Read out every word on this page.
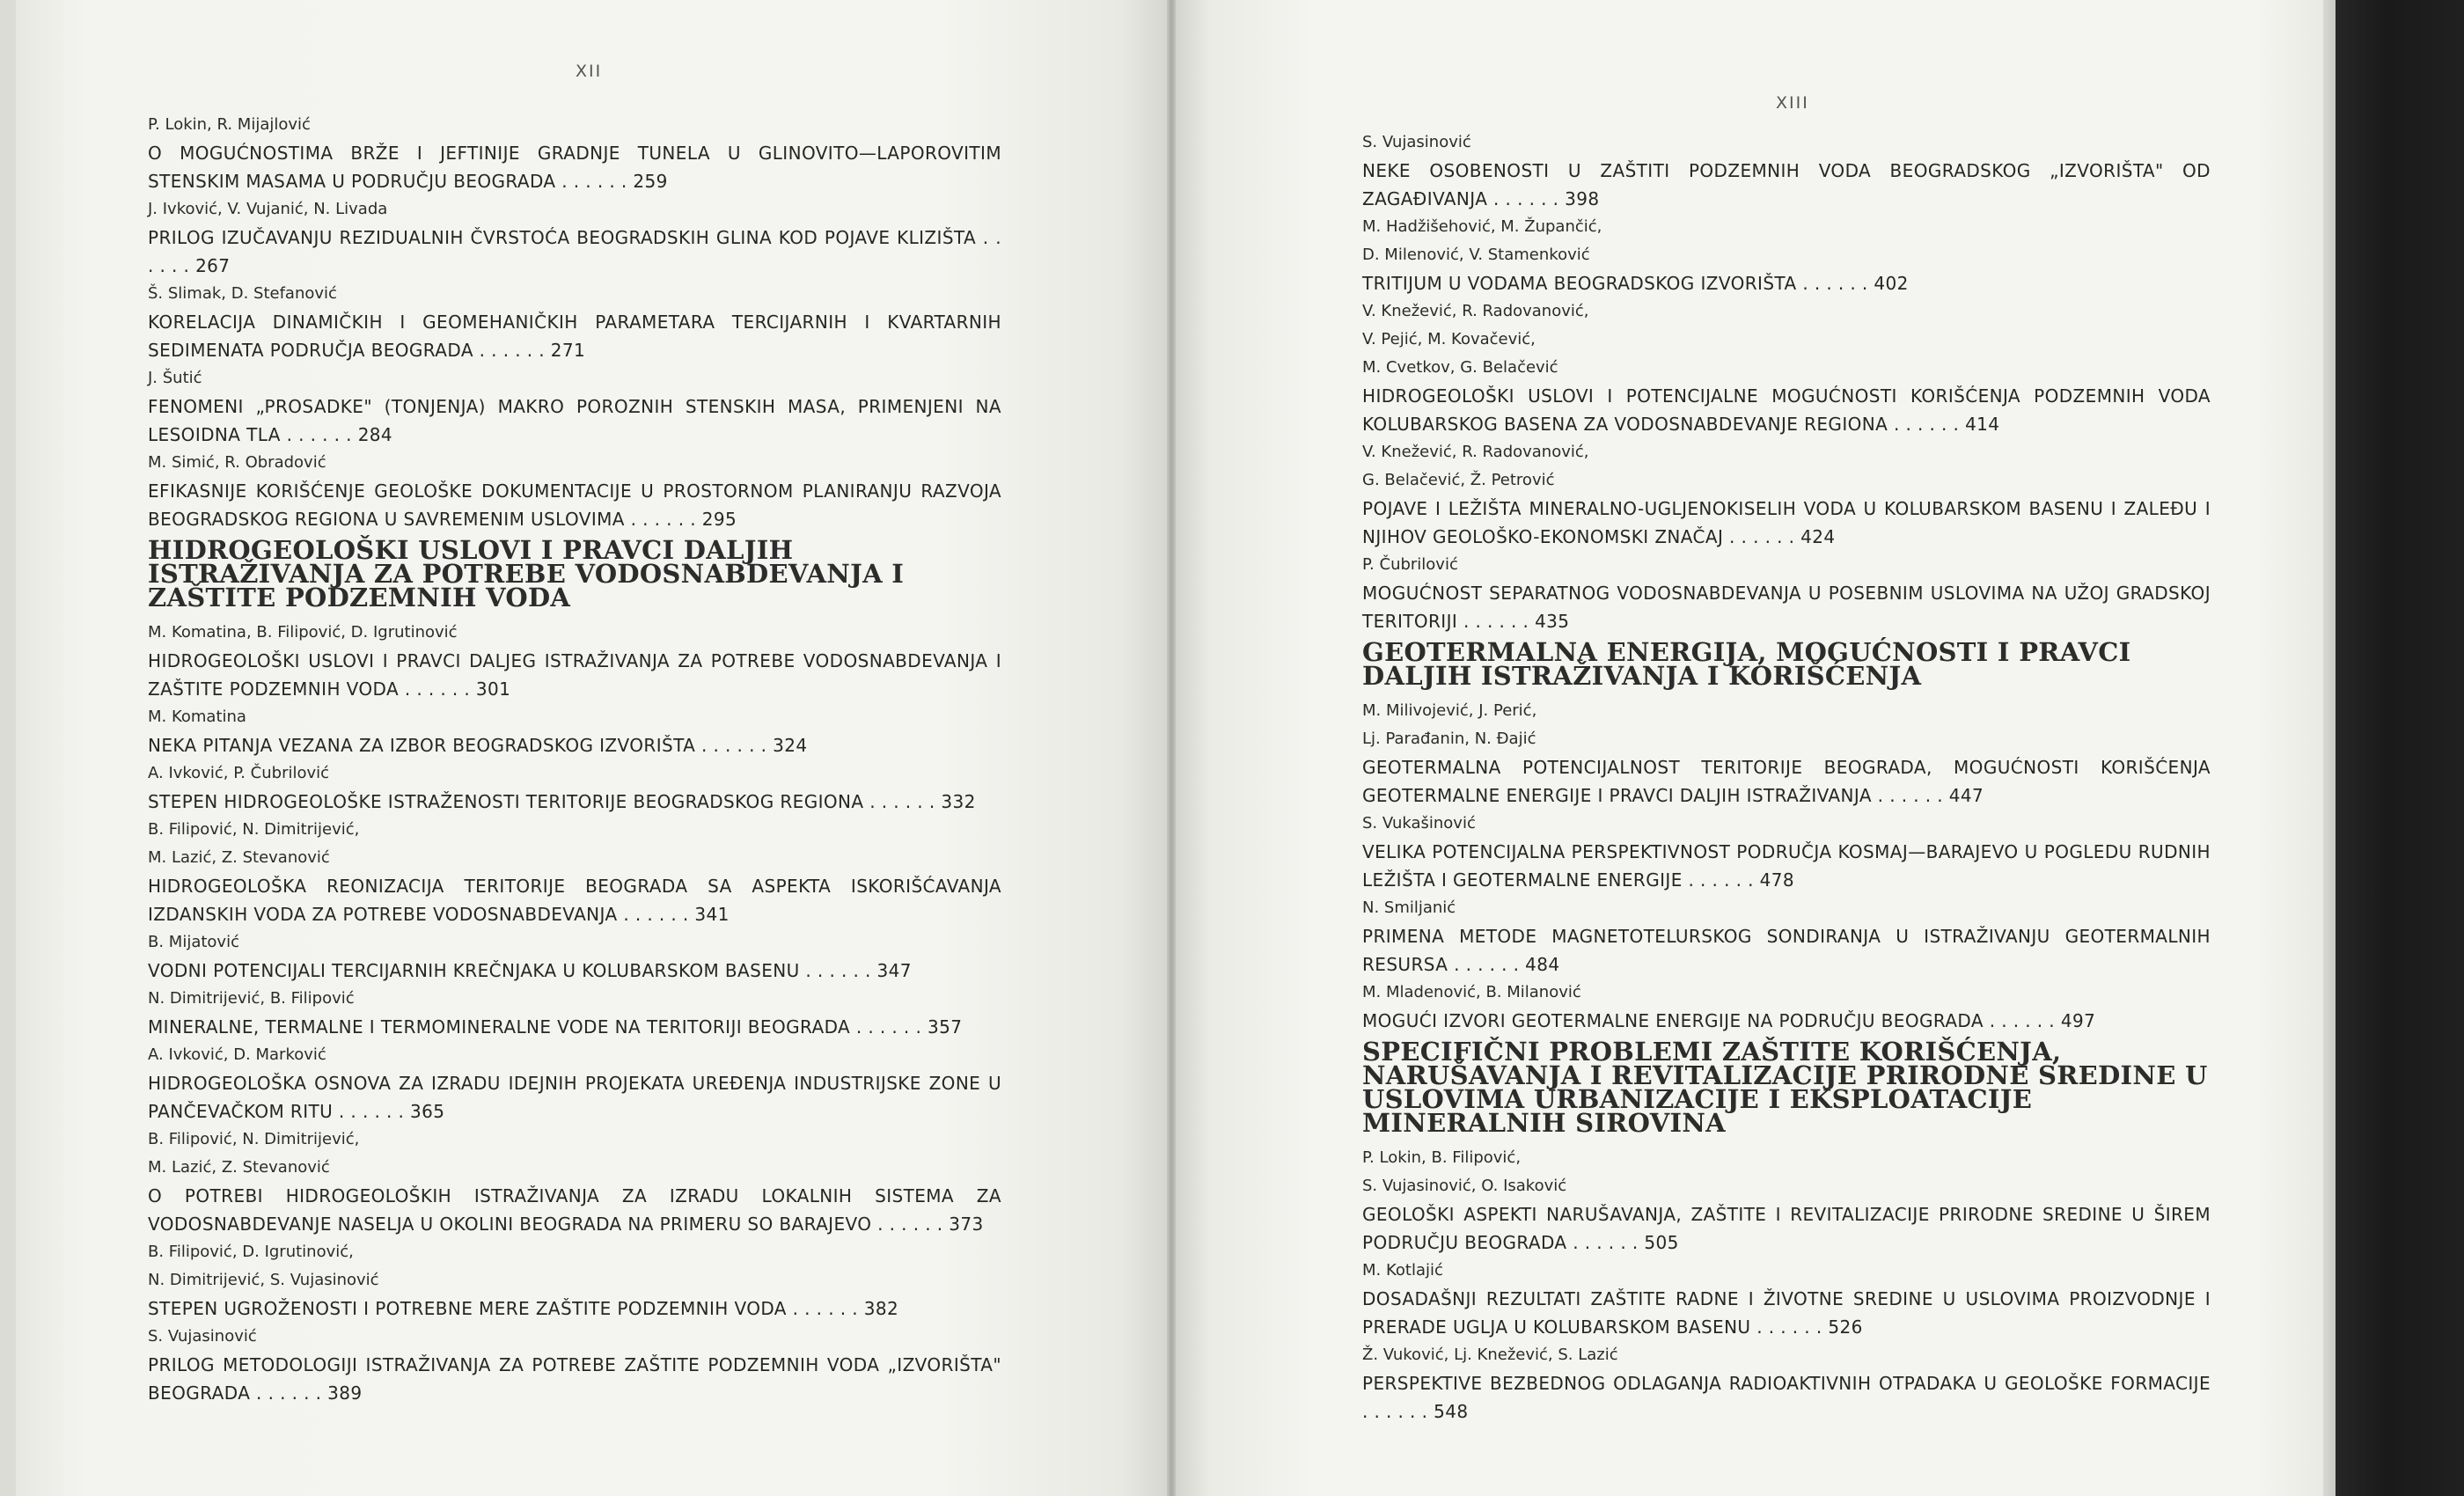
XII
P. Lokin, R. Mijajlović
O MOGUĆNOSTIMA BRŽE I JEFTINIJE GRADNJE TUNELA U GLINOVITO—LAPOROVITIM STENSKIM MASAMA U PODRUČJU BEOGRADA . . . . . . 259
J. Ivković, V. Vujanić, N. Livada
PRILOG IZUČAVANJU REZIDUALNIH ČVRSTOĆA BEOGRADSKIH GLINA KOD POJAVE KLIZIŠTA . . . . . . 267
Š. Slimak, D. Stefanović
KORELACIJA DINAMIČKIH I GEOMEHANIČKIH PARAMETARA TERCIJARNIH I KVARTARNIH SEDIMENATA PODRUČJA BEOGRADA . . . . . . 271
J. Šutić
FENOMENI „PROSADKE" (TONJENJA) MAKRO POROZNIH STENSKIH MASA, PRIMENJENI NA LESOIDNA TLA . . . . . . 284
M. Simić, R. Obradović
EFIKASNIJE KORIŠĆENJE GEOLOŠKE DOKUMENTACIJE U PROSTORNOM PLANIRANJU RAZVOJA BEOGRADSKOG REGIONA U SAVREMENIM USLOVIMA . . . . . . 295
HIDROGEOLOŠKI USLOVI I PRAVCI DALJIH ISTRAŽIVANJA ZA POTREBE VODOSNABDEVANJA I ZAŠTITE PODZEMNIH VODA
M. Komatina, B. Filipović, D. Igrutinović
HIDROGEOLOŠKI USLOVI I PRAVCI DALJEG ISTRAŽIVANJA ZA POTREBE VODOSNABDEVANJA I ZAŠTITE PODZEMNIH VODA . . . . . . 301
M. Komatina
NEKA PITANJA VEZANA ZA IZBOR BEOGRADSKOG IZVORIŠTA . . . . . . 324
A. Ivković, P. Čubrilović
STEPEN HIDROGEOLOŠKE ISTRAŽENOSTI TERITORIJE BEOGRADSKOG REGIONA . . . . . . 332
B. Filipović, N. Dimitrijević,
M. Lazić, Z. Stevanović
HIDROGEOLOŠKA REONIZACIJA TERITORIJE BEOGRADA SA ASPEKTA ISKORIŠĆAVANJA IZDANSKIH VODA ZA POTREBE VODOSNABDEVANJA . . . . . . 341
B. Mijatović
VODNI POTENCIJALI TERCIJARNIH KREČNJAKA U KOLUBARSKOM BASENU . . . . . . 347
N. Dimitrijević, B. Filipović
MINERALNE, TERMALNE I TERMOMINERALNE VODE NA TERITORIJI BEOGRADA . . . . . . 357
A. Ivković, D. Marković
HIDROGEOLOŠKA OSNOVA ZA IZRADU IDEJNIH PROJEKATA UREĐENJA INDUSTRIJSKE ZONE U PANČEVAČKOM RITU . . . . . . 365
B. Filipović, N. Dimitrijević,
M. Lazić, Z. Stevanović
O POTREBI HIDROGEOLOŠKIH ISTRAŽIVANJA ZA IZRADU LOKALNIH SISTEMA ZA VODOSNABDEVANJE NASELJA U OKOLINI BEOGRADA NA PRIMERU SO BARAJEVO . . . . . . 373
B. Filipović, D. Igrutinović,
N. Dimitrijević, S. Vujasinović
STEPEN UGROŽENOSTI I POTREBNE MERE ZAŠTITE PODZEMNIH VODA . . . . . . 382
S. Vujasinović
PRILOG METODOLOGIJI ISTRAŽIVANJA ZA POTREBE ZAŠTITE PODZEMNIH VODA „IZVORIŠTA" BEOGRADA . . . . . . 389
XIII
S. Vujasinović
NEKE OSOBENOSTI U ZAŠTITI PODZEMNIH VODA BEOGRADSKOG „IZVORIŠTA" OD ZAGAĐIVANJA . . . . . . 398
M. Hadžišehović, M. Župančić,
D. Milenović, V. Stamenković
TRITIJUM U VODAMA BEOGRADSKOG IZVORIŠTA . . . . . . 402
V. Knežević, R. Radovanović,
V. Pejić, M. Kovačević,
M. Cvetkov, G. Belačević
HIDROGEOLOŠKI USLOVI I POTENCIJALNE MOGUĆNOSTI KORIŠĆENJA PODZEMNIH VODA KOLUBARSKOG BASENA ZA VODOSNABDEVANJE REGIONA . . . . . . 414
V. Knežević, R. Radovanović,
G. Belačević, Ž. Petrović
POJAVE I LEŽIŠTA MINERALNO-UGLJENOKISELIH VODA U KOLUBARSKOM BASENU I ZALEĐU I NJIHOV GEOLOŠKO-EKONOMSKI ZNAČAJ . . . . . . 424
P. Čubrilović
MOGUĆNOST SEPARATNOG VODOSNABDEVANJA U POSEBNIM USLOVIMA NA UŽOJ GRADSKOJ TERITORIJI . . . . . . 435
GEOTERMALNA ENERGIJA, MOGUĆNOSTI I PRAVCI DALJIH ISTRAŽIVANJA I KORIŠĆENJA
M. Milivojević, J. Perić,
Lj. Parađanin, N. Đajić
GEOTERMALNA POTENCIJALNOST TERITORIJE BEOGRADA, MOGUĆNOSTI KORIŠĆENJA GEOTERMALNE ENERGIJE I PRAVCI DALJIH ISTRAŽIVANJA . . . . . . 447
S. Vukašinović
VELIKA POTENCIJALNA PERSPEKTIVNOST PODRUČJA KOSMAJ—BARAJEVO U POGLEDU RUDNIH LEŽIŠTA I GEOTERMALNE ENERGIJE . . . . . . 478
N. Smiljanić
PRIMENA METODE MAGNETOTELURSKOG SONDIRANJA U ISTRAŽIVANJU GEOTERMALNIH RESURSA . . . . . . 484
M. Mladenović, B. Milanović
MOGUĆI IZVORI GEOTERMALNE ENERGIJE NA PODRUČJU BEOGRADA . . . . . . 497
SPECIFIČNI PROBLEMI ZAŠTITE KORIŠĆENJA, NARUŠAVANJA I REVITALIZACIJE PRIRODNE SREDINE U USLOVIMA URBANIZACIJE I EKSPLOATACIJE MINERALNIH SIROVINA
P. Lokin, B. Filipović,
S. Vujasinović, O. Isaković
GEOLOŠKI ASPEKTI NARUŠAVANJA, ZAŠTITE I REVITALIZACIJE PRIRODNE SREDINE U ŠIREM PODRUČJU BEOGRADA . . . . . . 505
M. Kotlajić
DOSADAŠNJI REZULTATI ZAŠTITE RADNE I ŽIVOTNE SREDINE U USLOVIMA PROIZVODNJE I PRERADE UGLJA U KOLUBARSKOM BASENU . . . . . . 526
Ž. Vuković, Lj. Knežević, S. Lazić
PERSPEKTIVE BEZBEDNOG ODLAGANJA RADIOAKTIVNIH OTPADAKA U GEOLOŠKE FORMACIJE . . . . . . 548
